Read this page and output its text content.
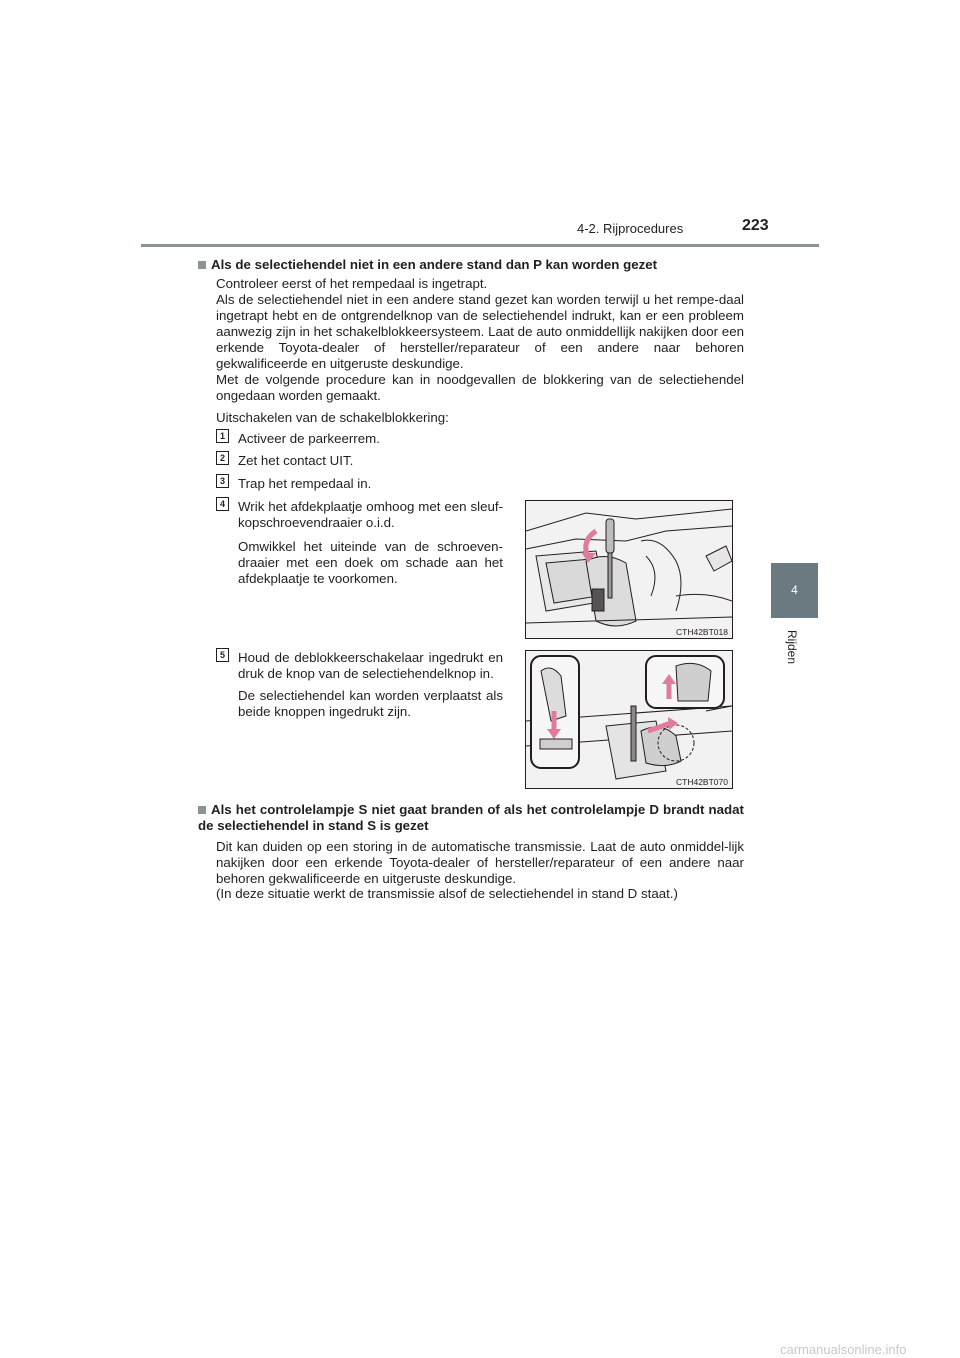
4-2. Rijprocedures	223
4
Rijden
Als de selectiehendel niet in een andere stand dan P kan worden gezet
Controleer eerst of het rempedaal is ingetrapt.
Als de selectiehendel niet in een andere stand gezet kan worden terwijl u het rempe-daal ingetrapt hebt en de ontgrendelknop van de selectiehendel indrukt, kan er een probleem aanwezig zijn in het schakelblokkeersysteem. Laat de auto onmiddellijk nakijken door een erkende Toyota-dealer of hersteller/reparateur of een andere naar behoren gekwalificeerde en uitgeruste deskundige.
Met de volgende procedure kan in noodgevallen de blokkering van de selectiehendel ongedaan worden gemaakt.
Uitschakelen van de schakelblokkering:
1 Activeer de parkeerrem.
2 Zet het contact UIT.
3 Trap het rempedaal in.
4 Wrik het afdekplaatje omhoog met een sleuf-kopschroevendraaier o.i.d.
Omwikkel het uiteinde van de schroeven-draaier met een doek om schade aan het afdekplaatje te voorkomen.
CTH42BT018
5 Houd de deblokkeerschakelaar ingedrukt en druk de knop van de selectiehendelknop in.
De selectiehendel kan worden verplaatst als beide knoppen ingedrukt zijn.
CTH42BT070
Als het controlelampje S niet gaat branden of als het controlelampje D brandt nadat de selectiehendel in stand S is gezet
Dit kan duiden op een storing in de automatische transmissie. Laat de auto onmiddel-lijk nakijken door een erkende Toyota-dealer of hersteller/reparateur of een andere naar behoren gekwalificeerde en uitgeruste deskundige.
(In deze situatie werkt de transmissie alsof de selectiehendel in stand D staat.)
carmanualsonline.info
